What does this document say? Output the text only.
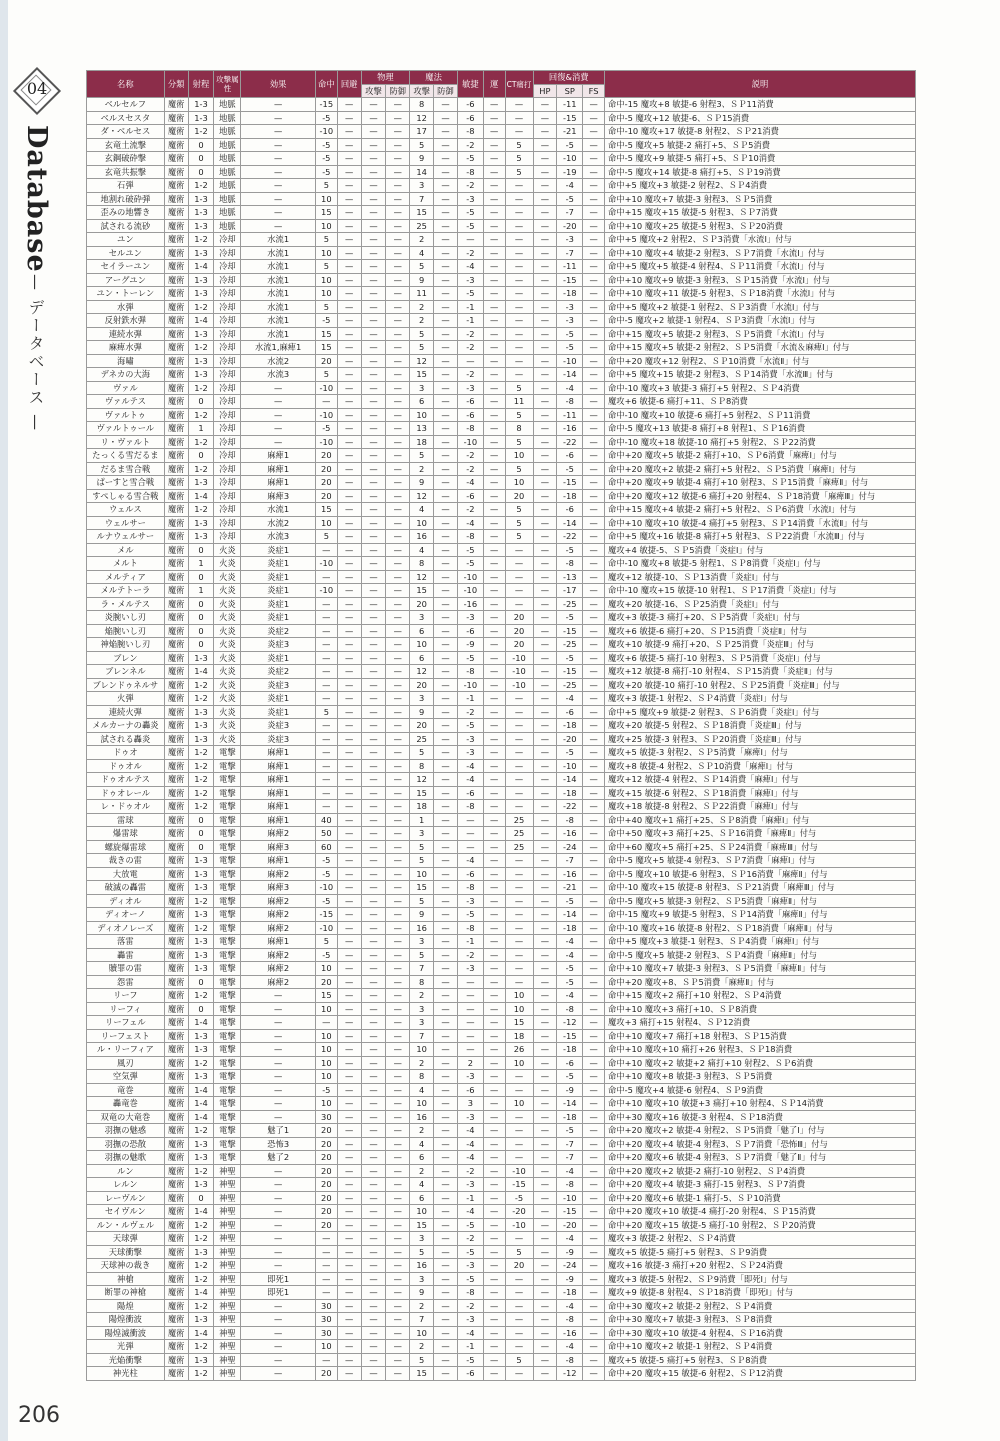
04
Database
— データベース —
206
名称	分類	射程	攻撃属性	効果	命中	回避	物理		魔法		敏捷	運	CT痛打	回復&消費			説明
							攻撃	防御	攻撃	防御				HP	SP	FS	
ベルセルフ	魔術	1-3	地脈	—	-15	—	—	—	8	—	-6	—	—	—	-11	—	命中-15 魔攻+8 敏捷-6 射程3、ＳＰ11消費
ベルスセスタ	魔術	1-3	地脈	—	-5	—	—	—	12	—	-6	—	—	—	-15	—	命中-5 魔攻+12 敏捷-6、ＳＰ15消費
ダ・ベルセス	魔術	1-2	地脈	—	-10	—	—	—	17	—	-8	—	—	—	-21	—	命中-10 魔攻+17 敏捷-8 射程2、ＳＰ21消費
玄竜土流撃	魔術	0	地脈	—	-5	—	—	—	5	—	-2	—	5	—	-5	—	命中-5 魔攻+5 敏捷-2 痛打+5、ＳＰ5消費
玄鋼破砕撃	魔術	0	地脈	—	-5	—	—	—	9	—	-5	—	5	—	-10	—	命中-5 魔攻+9 敏捷-5 痛打+5、ＳＰ10消費
玄竜共振撃	魔術	0	地脈	—	-5	—	—	—	14	—	-8	—	5	—	-19	—	命中-5 魔攻+14 敏捷-8 痛打+5、ＳＰ19消費
石弾	魔術	1-2	地脈	—	5	—	—	—	3	—	-2	—	—	—	-4	—	命中+5 魔攻+3 敏捷-2 射程2、ＳＰ4消費
地割れ破砕弾	魔術	1-3	地脈	—	10	—	—	—	7	—	-3	—	—	—	-5	—	命中+10 魔攻+7 敏捷-3 射程3、ＳＰ5消費
歪みの地響き	魔術	1-3	地脈	—	15	—	—	—	15	—	-5	—	—	—	-7	—	命中+15 魔攻+15 敏捷-5 射程3、ＳＰ7消費
試される流砂	魔術	1-3	地脈	—	10	—	—	—	25	—	-5	—	—	—	-20	—	命中+10 魔攻+25 敏捷-5 射程3、ＳＰ20消費
ユン	魔術	1-2	冷却	水流1	5	—	—	—	2	—	—	—	—	—	-3	—	命中+5 魔攻+2 射程2、ＳＰ3消費「水流Ⅰ」付与
セルユン	魔術	1-3	冷却	水流1	10	—	—	—	4	—	-2	—	—	—	-7	—	命中+10 魔攻+4 敏捷-2 射程3、ＳＰ7消費「水流Ⅰ」付与
セイラーユン	魔術	1-4	冷却	水流1	5	—	—	—	5	—	-4	—	—	—	-11	—	命中+5 魔攻+5 敏捷-4 射程4、ＳＰ11消費「水流Ⅰ」付与
アーグユン	魔術	1-3	冷却	水流1	10	—	—	—	9	—	-3	—	—	—	-15	—	命中+10 魔攻+9 敏捷-3 射程3、ＳＰ15消費「水流Ⅰ」付与
ユン・トーレン	魔術	1-3	冷却	水流1	10	—	—	—	11	—	-5	—	—	—	-18	—	命中+10 魔攻+11 敏捷-5 射程3、ＳＰ18消費「水流Ⅰ」付与
水弾	魔術	1-2	冷却	水流1	5	—	—	—	2	—	-1	—	—	—	-3	—	命中+5 魔攻+2 敏捷-1 射程2、ＳＰ3消費「水流Ⅰ」付与
反射鉄水弾	魔術	1-4	冷却	水流1	-5	—	—	—	2	—	-1	—	—	—	-3	—	命中-5 魔攻+2 敏捷-1 射程4、ＳＰ3消費「水流Ⅰ」付与
連続水弾	魔術	1-3	冷却	水流1	15	—	—	—	5	—	-2	—	—	—	-5	—	命中+15 魔攻+5 敏捷-2 射程3、ＳＰ5消費「水流Ⅰ」付与
麻痺水弾	魔術	1-2	冷却	水流1,麻痺1	15	—	—	—	5	—	-2	—	—	—	-5	—	命中+15 魔攻+5 敏捷-2 射程2、ＳＰ5消費「水流＆麻痺Ⅰ」付与
海嘯	魔術	1-3	冷却	水流2	20	—	—	—	12	—	—	—	—	—	-10	—	命中+20 魔攻+12 射程2、ＳＰ10消費「水流Ⅱ」付与
デネカの大海	魔術	1-3	冷却	水流3	5	—	—	—	15	—	-2	—	—	—	-14	—	命中+5 魔攻+15 敏捷-2 射程3、ＳＰ14消費「水流Ⅲ」付与
ヴァル	魔術	1-2	冷却	—	-10	—	—	—	3	—	-3	—	5	—	-4	—	命中-10 魔攻+3 敏捷-3 痛打+5 射程2、ＳＰ4消費
ヴァルテス	魔術	0	冷却	—	—	—	—	—	6	—	-6	—	11	—	-8	—	魔攻+6 敏捷-6 痛打+11、ＳＰ8消費
ヴァルトゥ	魔術	1-2	冷却	—	-10	—	—	—	10	—	-6	—	5	—	-11	—	命中-10 魔攻+10 敏捷-6 痛打+5 射程2、ＳＰ11消費
ヴァルトゥール	魔術	1	冷却	—	-5	—	—	—	13	—	-8	—	8	—	-16	—	命中-5 魔攻+13 敏捷-8 痛打+8 射程1、ＳＰ16消費
リ・ヴァルト	魔術	1-2	冷却	—	-10	—	—	—	18	—	-10	—	5	—	-22	—	命中-10 魔攻+18 敏捷-10 痛打+5 射程2、ＳＰ22消費
たっくる雪だるま	魔術	0	冷却	麻痺1	20	—	—	—	5	—	-2	—	10	—	-6	—	命中+20 魔攻+5 敏捷-2 痛打+10、ＳＰ6消費「麻痺Ⅰ」付与
だるま雪合戦	魔術	1-2	冷却	麻痺1	20	—	—	—	2	—	-2	—	5	—	-5	—	命中+20 魔攻+2 敏捷-2 痛打+5 射程2、ＳＰ5消費「麻痺Ⅰ」付与
ぱーすと雪合戦	魔術	1-3	冷却	麻痺1	20	—	—	—	9	—	-4	—	10	—	-15	—	命中+20 魔攻+9 敏捷-4 痛打+10 射程3、ＳＰ15消費「麻痺Ⅱ」付与
すぺしゃる雪合戦	魔術	1-4	冷却	麻痺3	20	—	—	—	12	—	-6	—	20	—	-18	—	命中+20 魔攻+12 敏捷-6 痛打+20 射程4、ＳＰ18消費「麻痺Ⅲ」付与
ウェルス	魔術	1-2	冷却	水流1	15	—	—	—	4	—	-2	—	5	—	-6	—	命中+15 魔攻+4 敏捷-2 痛打+5 射程2、ＳＰ6消費「水流Ⅰ」付与
ウェルサー	魔術	1-3	冷却	水流2	10	—	—	—	10	—	-4	—	5	—	-14	—	命中+10 魔攻+10 敏捷-4 痛打+5 射程3、ＳＰ14消費「水流Ⅱ」付与
ルナウェルサー	魔術	1-3	冷却	水流3	5	—	—	—	16	—	-8	—	5	—	-22	—	命中+5 魔攻+16 敏捷-8 痛打+5 射程3、ＳＰ22消費「水流Ⅲ」付与
メル	魔術	0	火炎	炎症1	—	—	—	—	4	—	-5	—	—	—	-5	—	魔攻+4 敏捷-5、ＳＰ5消費「炎症Ⅰ」付与
メルト	魔術	1	火炎	炎症1	-10	—	—	—	8	—	-5	—	—	—	-8	—	命中-10 魔攻+8 敏捷-5 射程1、ＳＰ8消費「炎症Ⅰ」付与
メルティア	魔術	0	火炎	炎症1	—	—	—	—	12	—	-10	—	—	—	-13	—	魔攻+12 敏捷-10、ＳＰ13消費「炎症Ⅰ」付与
メルテトーラ	魔術	1	火炎	炎症1	-10	—	—	—	15	—	-10	—	—	—	-17	—	命中-10 魔攻+15 敏捷-10 射程1、ＳＰ17消費「炎症Ⅰ」付与
ラ・メルテス	魔術	0	火炎	炎症1	—	—	—	—	20	—	-16	—	—	—	-25	—	魔攻+20 敏捷-16、ＳＰ25消費「炎症Ⅰ」付与
炎腕いし刃	魔術	0	火炎	炎症1	—	—	—	—	3	—	-3	—	20	—	-5	—	魔攻+3 敏捷-3 痛打+20、ＳＰ5消費「炎症Ⅰ」付与
焔腕いし刃	魔術	0	火炎	炎症2	—	—	—	—	6	—	-6	—	20	—	-15	—	魔攻+6 敏捷-6 痛打+20、ＳＰ15消費「炎症Ⅱ」付与
神焔腕いし刃	魔術	0	火炎	炎症3	—	—	—	—	10	—	-9	—	20	—	-25	—	魔攻+10 敏捷-9 痛打+20、ＳＰ25消費「炎症Ⅲ」付与
ブレン	魔術	1-3	火炎	炎症1	—	—	—	—	6	—	-5	—	-10	—	-5	—	魔攻+6 敏捷-5 痛打-10 射程3、ＳＰ5消費「炎症Ⅰ」付与
ブレンネル	魔術	1-4	火炎	炎症2	—	—	—	—	12	—	-8	—	-10	—	-15	—	魔攻+12 敏捷-8 痛打-10 射程4、ＳＰ15消費「炎症Ⅱ」付与
ブレンドゥネルサ	魔術	1-2	火炎	炎症3	—	—	—	—	20	—	-10	—	-10	—	-25	—	魔攻+20 敏捷-10 痛打-10 射程2、ＳＰ25消費「炎症Ⅲ」付与
火弾	魔術	1-2	火炎	炎症1	—	—	—	—	3	—	-1	—	—	—	-4	—	魔攻+3 敏捷-1 射程2、ＳＰ4消費「炎症Ⅰ」付与
連続火弾	魔術	1-3	火炎	炎症1	5	—	—	—	9	—	-2	—	—	—	-6	—	命中+5 魔攻+9 敏捷-2 射程3、ＳＰ6消費「炎症Ⅰ」付与
メルカーナの轟炎	魔術	1-3	火炎	炎症3	—	—	—	—	20	—	-5	—	—	—	-18	—	魔攻+20 敏捷-5 射程2、ＳＰ18消費「炎症Ⅲ」付与
試される轟炎	魔術	1-3	火炎	炎症3	—	—	—	—	25	—	-3	—	—	—	-20	—	魔攻+25 敏捷-3 射程3、ＳＰ20消費「炎症Ⅲ」付与
ドゥオ	魔術	1-2	電撃	麻痺1	—	—	—	—	5	—	-3	—	—	—	-5	—	魔攻+5 敏捷-3 射程2、ＳＰ5消費「麻痺Ⅰ」付与
ドゥオル	魔術	1-2	電撃	麻痺1	—	—	—	—	8	—	-4	—	—	—	-10	—	魔攻+8 敏捷-4 射程2、ＳＰ10消費「麻痺Ⅰ」付与
ドゥオルテス	魔術	1-2	電撃	麻痺1	—	—	—	—	12	—	-4	—	—	—	-14	—	魔攻+12 敏捷-4 射程2、ＳＰ14消費「麻痺Ⅰ」付与
ドゥオレール	魔術	1-2	電撃	麻痺1	—	—	—	—	15	—	-6	—	—	—	-18	—	魔攻+15 敏捷-6 射程2、ＳＰ18消費「麻痺Ⅰ」付与
レ・ドゥオル	魔術	1-2	電撃	麻痺1	—	—	—	—	18	—	-8	—	—	—	-22	—	魔攻+18 敏捷-8 射程2、ＳＰ22消費「麻痺Ⅰ」付与
雷球	魔術	0	電撃	麻痺1	40	—	—	—	1	—	—	—	25	—	-8	—	命中+40 魔攻+1 痛打+25、ＳＰ8消費「麻痺Ⅰ」付与
爆雷球	魔術	0	電撃	麻痺2	50	—	—	—	3	—	—	—	25	—	-16	—	命中+50 魔攻+3 痛打+25、ＳＰ16消費「麻痺Ⅱ」付与
螺旋爆雷球	魔術	0	電撃	麻痺3	60	—	—	—	5	—	—	—	25	—	-24	—	命中+60 魔攻+5 痛打+25、ＳＰ24消費「麻痺Ⅲ」付与
裁きの雷	魔術	1-3	電撃	麻痺1	-5	—	—	—	5	—	-4	—	—	—	-7	—	命中-5 魔攻+5 敏捷-4 射程3、ＳＰ7消費「麻痺Ⅰ」付与
大放電	魔術	1-3	電撃	麻痺2	-5	—	—	—	10	—	-6	—	—	—	-16	—	命中-5 魔攻+10 敏捷-6 射程3、ＳＰ16消費「麻痺Ⅱ」付与
破滅の轟雷	魔術	1-3	電撃	麻痺3	-10	—	—	—	15	—	-8	—	—	—	-21	—	命中-10 魔攻+15 敏捷-8 射程3、ＳＰ21消費「麻痺Ⅲ」付与
ディオル	魔術	1-2	電撃	麻痺2	-5	—	—	—	5	—	-3	—	—	—	-5	—	命中-5 魔攻+5 敏捷-3 射程2、ＳＰ5消費「麻痺Ⅱ」付与
ディオーノ	魔術	1-3	電撃	麻痺2	-15	—	—	—	9	—	-5	—	—	—	-14	—	命中-15 魔攻+9 敏捷-5 射程3、ＳＰ14消費「麻痺Ⅱ」付与
ディオノレーズ	魔術	1-2	電撃	麻痺2	-10	—	—	—	16	—	-8	—	—	—	-18	—	命中-10 魔攻+16 敏捷-8 射程2、ＳＰ18消費「麻痺Ⅱ」付与
落雷	魔術	1-3	電撃	麻痺1	5	—	—	—	3	—	-1	—	—	—	-4	—	命中+5 魔攻+3 敏捷-1 射程3、ＳＰ4消費「麻痺Ⅰ」付与
轟雷	魔術	1-3	電撃	麻痺2	-5	—	—	—	5	—	-2	—	—	—	-4	—	命中-5 魔攻+5 敏捷-2 射程3、ＳＰ4消費「麻痺Ⅱ」付与
贖罪の雷	魔術	1-3	電撃	麻痺2	10	—	—	—	7	—	-3	—	—	—	-5	—	命中+10 魔攻+7 敏捷-3 射程3、ＳＰ5消費「麻痺Ⅱ」付与
怨雷	魔術	0	電撃	麻痺2	20	—	—	—	8	—	—	—	—	—	-5	—	命中+20 魔攻+8、ＳＰ5消費「麻痺Ⅱ」付与
リーフ	魔術	1-2	電撃	—	15	—	—	—	2	—	—	—	10	—	-4	—	命中+15 魔攻+2 痛打+10 射程2、ＳＰ4消費
リーフィ	魔術	0	電撃	—	10	—	—	—	3	—	—	—	10	—	-8	—	命中+10 魔攻+3 痛打+10、ＳＰ8消費
リーフェル	魔術	1-4	電撃	—	—	—	—	—	3	—	—	—	15	—	-12	—	魔攻+3 痛打+15 射程4、ＳＰ12消費
リーフェスト	魔術	1-3	電撃	—	10	—	—	—	7	—	—	—	18	—	-15	—	命中+10 魔攻+7 痛打+18 射程3、ＳＰ15消費
ル・リーフィア	魔術	1-3	電撃	—	10	—	—	—	10	—	—	—	26	—	-18	—	命中+10 魔攻+10 痛打+26 射程3、ＳＰ18消費
風刃	魔術	1-2	電撃	—	10	—	—	—	2	—	2	—	10	—	-6	—	命中+10 魔攻+2 敏捷+2 痛打+10 射程2、ＳＰ6消費
空気弾	魔術	1-3	電撃	—	10	—	—	—	8	—	-3	—	—	—	-5	—	命中+10 魔攻+8 敏捷-3 射程3、ＳＰ5消費
竜巻	魔術	1-4	電撃	—	-5	—	—	—	4	—	-6	—	—	—	-9	—	命中-5 魔攻+4 敏捷-6 射程4、ＳＰ9消費
轟竜巻	魔術	1-4	電撃	—	10	—	—	—	10	—	3	—	10	—	-14	—	命中+10 魔攻+10 敏捷+3 痛打+10 射程4、ＳＰ14消費
双竜の大竜巻	魔術	1-4	電撃	—	30	—	—	—	16	—	-3	—	—	—	-18	—	命中+30 魔攻+16 敏捷-3 射程4、ＳＰ18消費
羽撫の魅惑	魔術	1-2	電撃	魅了1	20	—	—	—	2	—	-4	—	—	—	-5	—	命中+20 魔攻+2 敏捷-4 射程2、ＳＰ5消費「魅了Ⅰ」付与
羽撫の恐散	魔術	1-3	電撃	恐怖3	20	—	—	—	4	—	-4	—	—	—	-7	—	命中+20 魔攻+4 敏捷-4 射程3、ＳＰ7消費「恐怖Ⅲ」付与
羽撫の魅歌	魔術	1-3	電撃	魅了2	20	—	—	—	6	—	-4	—	—	—	-7	—	命中+20 魔攻+6 敏捷-4 射程3、ＳＰ7消費「魅了Ⅱ」付与
ルン	魔術	1-2	神聖	—	20	—	—	—	2	—	-2	—	-10	—	-4	—	命中+20 魔攻+2 敏捷-2 痛打-10 射程2、ＳＰ4消費
レルン	魔術	1-3	神聖	—	20	—	—	—	4	—	-3	—	-15	—	-8	—	命中+20 魔攻+4 敏捷-3 痛打-15 射程3、ＳＰ7消費
レーヴルン	魔術	0	神聖	—	20	—	—	—	6	—	-1	—	-5	—	-10	—	命中+20 魔攻+6 敏捷-1 痛打-5、ＳＰ10消費
セイヴルン	魔術	1-4	神聖	—	20	—	—	—	10	—	-4	—	-20	—	-15	—	命中+20 魔攻+10 敏捷-4 痛打-20 射程4、ＳＰ15消費
ルン・ルヴェル	魔術	1-2	神聖	—	20	—	—	—	15	—	-5	—	-10	—	-20	—	命中+20 魔攻+15 敏捷-5 痛打-10 射程2、ＳＰ20消費
天球弾	魔術	1-2	神聖	—	—	—	—	—	3	—	-2	—	—	—	-4	—	魔攻+3 敏捷-2 射程2、ＳＰ4消費
天球衝撃	魔術	1-3	神聖	—	—	—	—	—	5	—	-5	—	5	—	-9	—	魔攻+5 敏捷-5 痛打+5 射程3、ＳＰ9消費
天球神の裁き	魔術	1-2	神聖	—	—	—	—	—	16	—	-3	—	20	—	-24	—	魔攻+16 敏捷-3 痛打+20 射程2、ＳＰ24消費
神槍	魔術	1-2	神聖	即死1	—	—	—	—	3	—	-5	—	—	—	-9	—	魔攻+3 敏捷-5 射程2、ＳＰ9消費「即死Ⅰ」付与
断罪の神槍	魔術	1-4	神聖	即死1	—	—	—	—	9	—	-8	—	—	—	-18	—	魔攻+9 敏捷-8 射程4、ＳＰ18消費「即死Ⅰ」付与
陽煌	魔術	1-2	神聖	—	30	—	—	—	2	—	-2	—	—	—	-4	—	命中+30 魔攻+2 敏捷-2 射程2、ＳＰ4消費
陽煌衝波	魔術	1-3	神聖	—	30	—	—	—	7	—	-3	—	—	—	-8	—	命中+30 魔攻+7 敏捷-3 射程3、ＳＰ8消費
陽煌滅衝波	魔術	1-4	神聖	—	30	—	—	—	10	—	-4	—	—	—	-16	—	命中+30 魔攻+10 敏捷-4 射程4、ＳＰ16消費
光弾	魔術	1-2	神聖	—	10	—	—	—	2	—	-1	—	—	—	-4	—	命中+10 魔攻+2 敏捷-1 射程2、ＳＰ4消費
光焔衝撃	魔術	1-3	神聖	—	—	—	—	—	5	—	-5	—	5	—	-8	—	魔攻+5 敏捷-5 痛打+5 射程3、ＳＰ8消費
神光柱	魔術	1-2	神聖	—	20	—	—	—	15	—	-6	—	—	—	-12	—	命中+20 魔攻+15 敏捷-6 射程2、ＳＰ12消費
